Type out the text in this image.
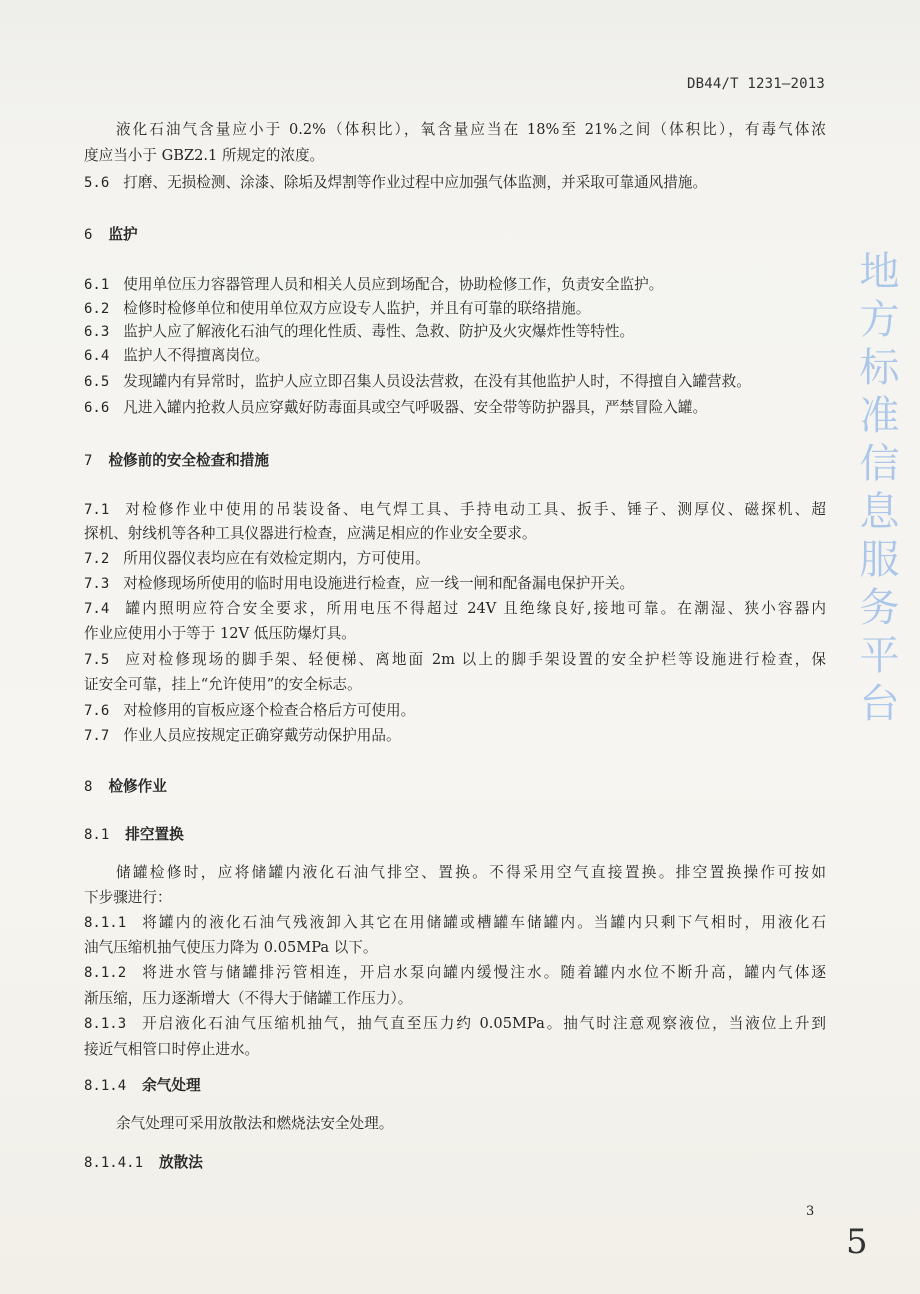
DB44/T 1231—2013
液化石油气含量应小于 0.2%（体积比），氧含量应当在 18%至 21%之间（体积比），有毒气体浓
度应当小于 GBZ2.1 所规定的浓度。
5.6 打磨、无损检测、涂漆、除垢及焊割等作业过程中应加强气体监测，并采取可靠通风措施。
6 监护
6.1 使用单位压力容器管理人员和相关人员应到场配合，协助检修工作，负责安全监护。
6.2 检修时检修单位和使用单位双方应设专人监护，并且有可靠的联络措施。
6.3 监护人应了解液化石油气的理化性质、毒性、急救、防护及火灾爆炸性等特性。
6.4 监护人不得擅离岗位。
6.5 发现罐内有异常时，监护人应立即召集人员设法营救，在没有其他监护人时，不得擅自入罐营救。
6.6 凡进入罐内抢救人员应穿戴好防毒面具或空气呼吸器、安全带等防护器具，严禁冒险入罐。
7 检修前的安全检查和措施
7.1 对检修作业中使用的吊装设备、电气焊工具、手持电动工具、扳手、锤子、测厚仪、磁探机、超
探机、射线机等各种工具仪器进行检查，应满足相应的作业安全要求。
7.2 所用仪器仪表均应在有效检定期内，方可使用。
7.3 对检修现场所使用的临时用电设施进行检查，应一线一闸和配备漏电保护开关。
7.4 罐内照明应符合安全要求，所用电压不得超过 24V 且绝缘良好,接地可靠。在潮湿、狭小容器内
作业应使用小于等于 12V 低压防爆灯具。
7.5 应对检修现场的脚手架、轻便梯、离地面 2m 以上的脚手架设置的安全护栏等设施进行检查，保
证安全可靠，挂上“允许使用”的安全标志。
7.6 对检修用的盲板应逐个检查合格后方可使用。
7.7 作业人员应按规定正确穿戴劳动保护用品。
8 检修作业
8.1 排空置换
储罐检修时，应将储罐内液化石油气排空、置换。不得采用空气直接置换。排空置换操作可按如
下步骤进行：
8.1.1 将罐内的液化石油气残液卸入其它在用储罐或槽罐车储罐内。当罐内只剩下气相时，用液化石
油气压缩机抽气使压力降为 0.05MPa 以下。
8.1.2 将进水管与储罐排污管相连，开启水泵向罐内缓慢注水。随着罐内水位不断升高，罐内气体逐
渐压缩，压力逐渐增大（不得大于储罐工作压力）。
8.1.3 开启液化石油气压缩机抽气，抽气直至压力约 0.05MPa。抽气时注意观察液位，当液位上升到
接近气相管口时停止进水。
8.1.4 余气处理
余气处理可采用放散法和燃烧法安全处理。
8.1.4.1 放散法
3
5
地方标准信息服务平台
